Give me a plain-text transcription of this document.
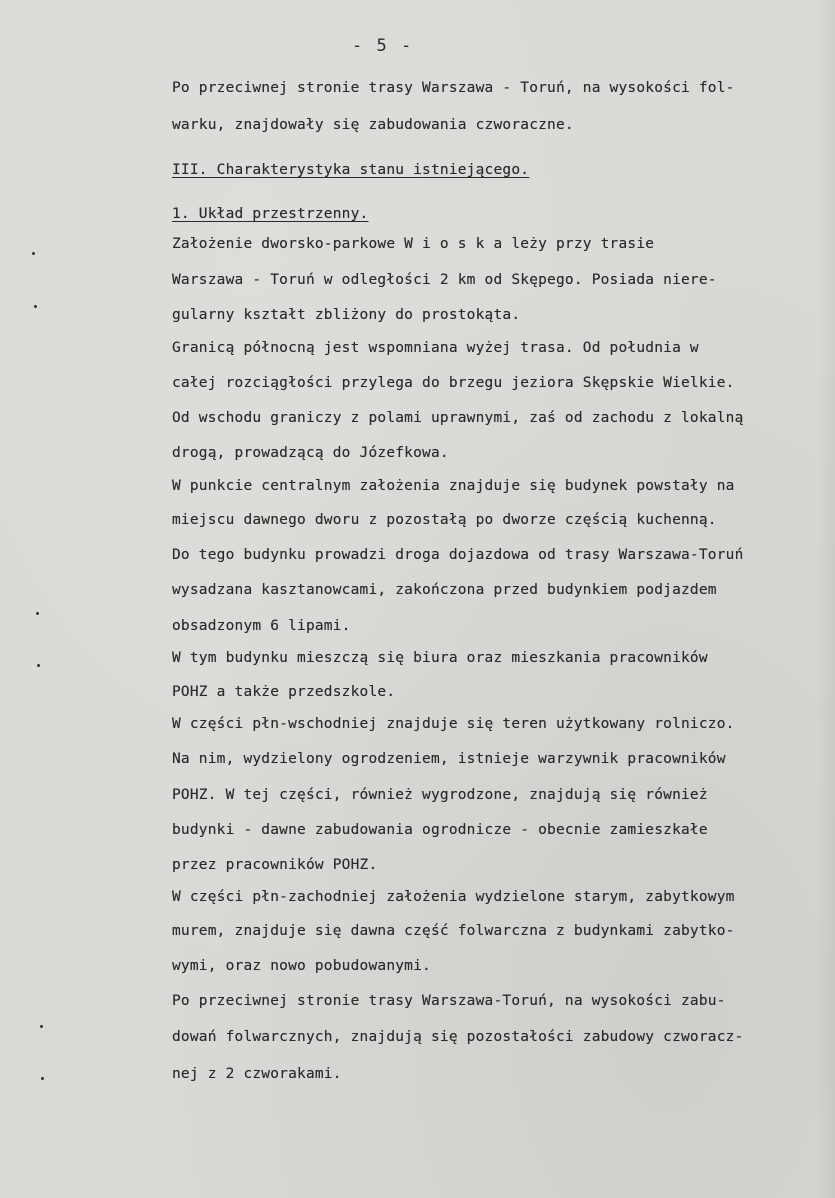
- 5 -
Po przeciwnej stronie trasy Warszawa - Toruń, na wysokości fol-
warku, znajdowały się zabudowania czworaczne.
III. Charakterystyka stanu istniejącego.
1. Układ przestrzenny.
Założenie dworsko-parkowe W i o s k a leży przy trasie
Warszawa - Toruń w odległości 2 km od Skępego. Posiada niere-
gularny kształt zbliżony do prostokąta.
Granicą północną jest wspomniana wyżej trasa. Od południa w
całej rozciągłości przylega do brzegu jeziora Skępskie Wielkie.
Od wschodu graniczy z polami uprawnymi, zaś od zachodu z lokalną
drogą, prowadzącą do Józefkowa.
W punkcie centralnym założenia znajduje się budynek powstały na
miejscu dawnego dworu z pozostałą po dworze częścią kuchenną.
Do tego budynku prowadzi droga dojazdowa od trasy Warszawa-Toruń
wysadzana kasztanowcami, zakończona przed budynkiem podjazdem
obsadzonym 6 lipami.
W tym budynku mieszczą się biura oraz mieszkania pracowników
POHZ a także przedszkole.
W części płn-wschodniej znajduje się teren użytkowany rolniczo.
Na nim, wydzielony ogrodzeniem, istnieje warzywnik pracowników
POHZ. W tej części, również wygrodzone, znajdują się również
budynki - dawne zabudowania ogrodnicze - obecnie zamieszkałe
przez pracowników POHZ.
W części płn-zachodniej założenia wydzielone starym, zabytkowym
murem, znajduje się dawna część folwarczna z budynkami zabytko-
wymi, oraz nowo pobudowanymi.
Po przeciwnej stronie trasy Warszawa-Toruń, na wysokości zabu-
dowań folwarcznych, znajdują się pozostałości zabudowy czworacz-
nej z 2 czworakami.
